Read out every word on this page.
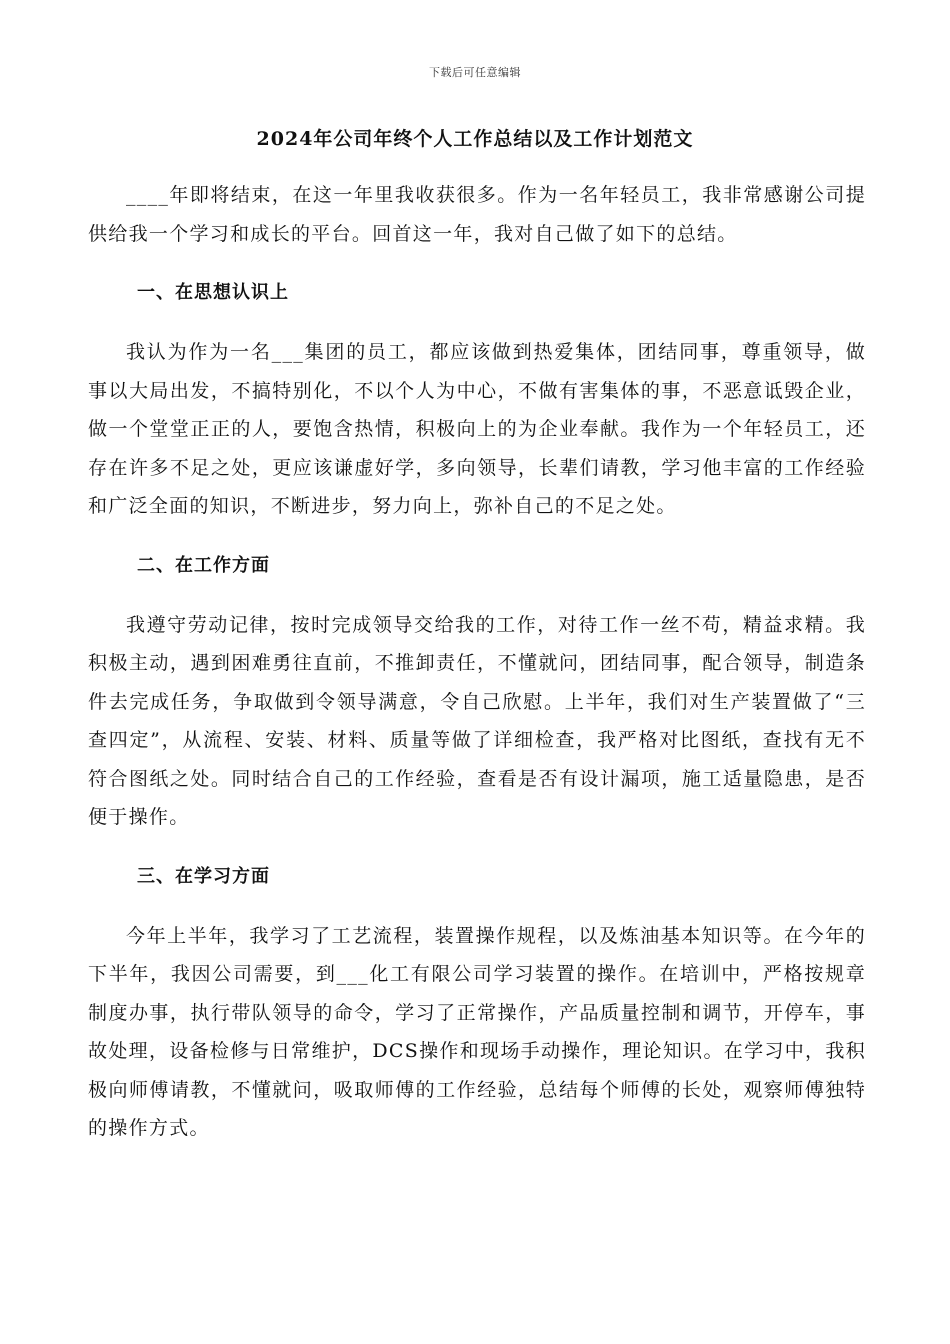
下载后可任意编辑
2024年公司年终个人工作总结以及工作计划范文

____年即将结束，在这一年里我收获很多。作为一名年轻员工，我非常感谢公司提供给我一个学习和成长的平台。回首这一年，我对自己做了如下的总结。

一、在思想认识上

我认为作为一名___集团的员工，都应该做到热爱集体，团结同事，尊重领导，做事以大局出发，不搞特别化，不以个人为中心，不做有害集体的事，不恶意诋毁企业，做一个堂堂正正的人，要饱含热情，积极向上的为企业奉献。我作为一个年轻员工，还存在许多不足之处，更应该谦虚好学，多向领导，长辈们请教，学习他丰富的工作经验和广泛全面的知识，不断进步，努力向上，弥补自己的不足之处。

二、在工作方面

我遵守劳动记律，按时完成领导交给我的工作，对待工作一丝不苟，精益求精。我积极主动，遇到困难勇往直前，不推卸责任，不懂就问，团结同事，配合领导，制造条件去完成任务，争取做到令领导满意，令自己欣慰。上半年，我们对生产装置做了“三查四定”，从流程、安装、材料、质量等做了详细检查，我严格对比图纸，查找有无不符合图纸之处。同时结合自己的工作经验，查看是否有设计漏项，施工适量隐患，是否便于操作。

三、在学习方面

今年上半年，我学习了工艺流程，装置操作规程，以及炼油基本知识等。在今年的下半年，我因公司需要，到___化工有限公司学习装置的操作。在培训中，严格按规章制度办事，执行带队领导的命令，学习了正常操作，产品质量控制和调节，开停车，事故处理，设备检修与日常维护，DCS操作和现场手动操作，理论知识。在学习中，我积极向师傅请教，不懂就问，吸取师傅的工作经验，总结每个师傅的长处，观察师傅独特的操作方式。
